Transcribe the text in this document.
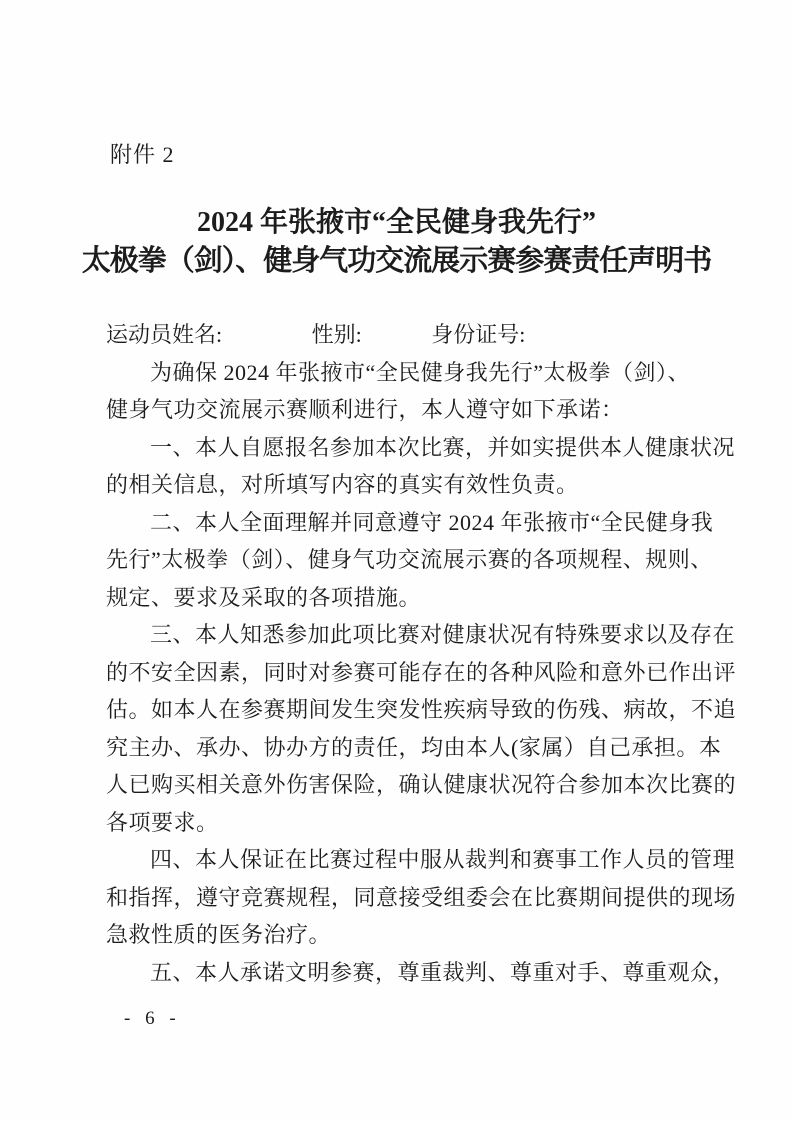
附件 2
2024 年张掖市“全民健身我先行”
太极拳（剑）、健身气功交流展示赛参赛责任声明书
运动员姓名:	性别:	身份证号:
为确保 2024 年张掖市“全民健身我先行”太极拳（剑）、
健身气功交流展示赛顺利进行，本人遵守如下承诺：
一、本人自愿报名参加本次比赛，并如实提供本人健康状况
的相关信息，对所填写内容的真实有效性负责。
二、本人全面理解并同意遵守 2024 年张掖市“全民健身我
先行”太极拳（剑）、健身气功交流展示赛的各项规程、规则、
规定、要求及采取的各项措施。
三、本人知悉参加此项比赛对健康状况有特殊要求以及存在
的不安全因素，同时对参赛可能存在的各种风险和意外已作出评
估。如本人在参赛期间发生突发性疾病导致的伤残、病故，不追
究主办、承办、协办方的责任，均由本人(家属）自己承担。本
人已购买相关意外伤害保险，确认健康状况符合参加本次比赛的
各项要求。
四、本人保证在比赛过程中服从裁判和赛事工作人员的管理
和指挥，遵守竞赛规程，同意接受组委会在比赛期间提供的现场
急救性质的医务治疗。
五、本人承诺文明参赛，尊重裁判、尊重对手、尊重观众，
- 6 -
